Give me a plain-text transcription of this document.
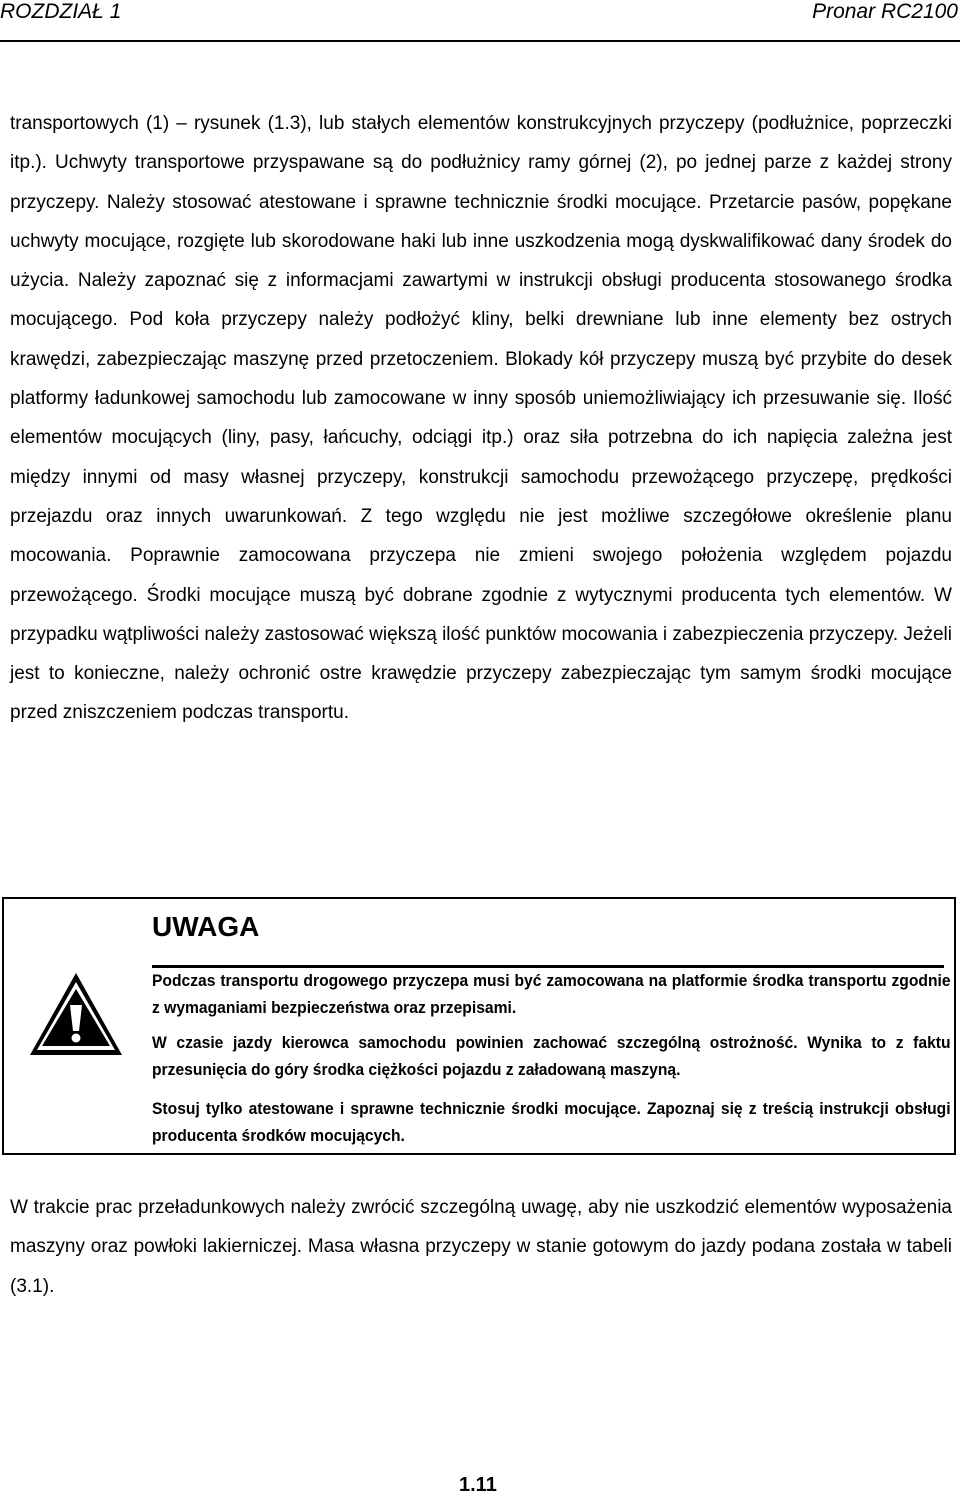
ROZDZIAŁ 1	Pronar RC2100

transportowych (1) – rysunek (1.3), lub stałych elementów konstrukcyjnych przyczepy (podłużnice, poprzeczki itp.). Uchwyty transportowe przyspawane są do podłużnicy ramy górnej (2), po jednej parze z każdej strony przyczepy. Należy stosować atestowane i sprawne technicznie środki mocujące. Przetarcie pasów, popękane uchwyty mocujące, rozgięte lub skorodowane haki lub inne uszkodzenia mogą dyskwalifikować dany środek do użycia. Należy zapoznać się z informacjami zawartymi w instrukcji obsługi producenta stosowanego środka mocującego. Pod koła przyczepy należy podłożyć kliny, belki drewniane lub inne elementy bez ostrych krawędzi, zabezpieczając maszynę przed przetoczeniem. Blokady kół przyczepy muszą być przybite do desek platformy ładunkowej samochodu lub zamocowane w inny sposób uniemożliwiający ich przesuwanie się. Ilość elementów mocujących (liny, pasy, łańcuchy, odciągi itp.) oraz siła potrzebna do ich napięcia zależna jest między innymi od masy własnej przyczepy, konstrukcji samochodu przewożącego przyczepę, prędkości przejazdu oraz innych uwarunkowań. Z tego względu nie jest możliwe szczegółowe określenie planu mocowania. Poprawnie zamocowana przyczepa nie zmieni swojego położenia względem pojazdu przewożącego. Środki mocujące muszą być dobrane zgodnie z wytycznymi producenta tych elementów. W przypadku wątpliwości należy zastosować większą ilość punktów mocowania i zabezpieczenia przyczepy. Jeżeli jest to konieczne, należy ochronić ostre krawędzie przyczepy zabezpieczając tym samym środki mocujące przed zniszczeniem podczas transportu.

UWAGA
Podczas transportu drogowego przyczepa musi być zamocowana na platformie środka transportu zgodnie z wymaganiami bezpieczeństwa oraz przepisami.
W czasie jazdy kierowca samochodu powinien zachować szczególną ostrożność. Wynika to z faktu przesunięcia do góry środka ciężkości pojazdu z załadowaną maszyną.
Stosuj tylko atestowane i sprawne technicznie środki mocujące. Zapoznaj się z treścią instrukcji obsługi producenta środków mocujących.

W trakcie prac przeładunkowych należy zwrócić szczególną uwagę, aby nie uszkodzić elementów wyposażenia maszyny oraz powłoki lakierniczej. Masa własna przyczepy w stanie gotowym do jazdy podana została w tabeli (3.1).

1.11
